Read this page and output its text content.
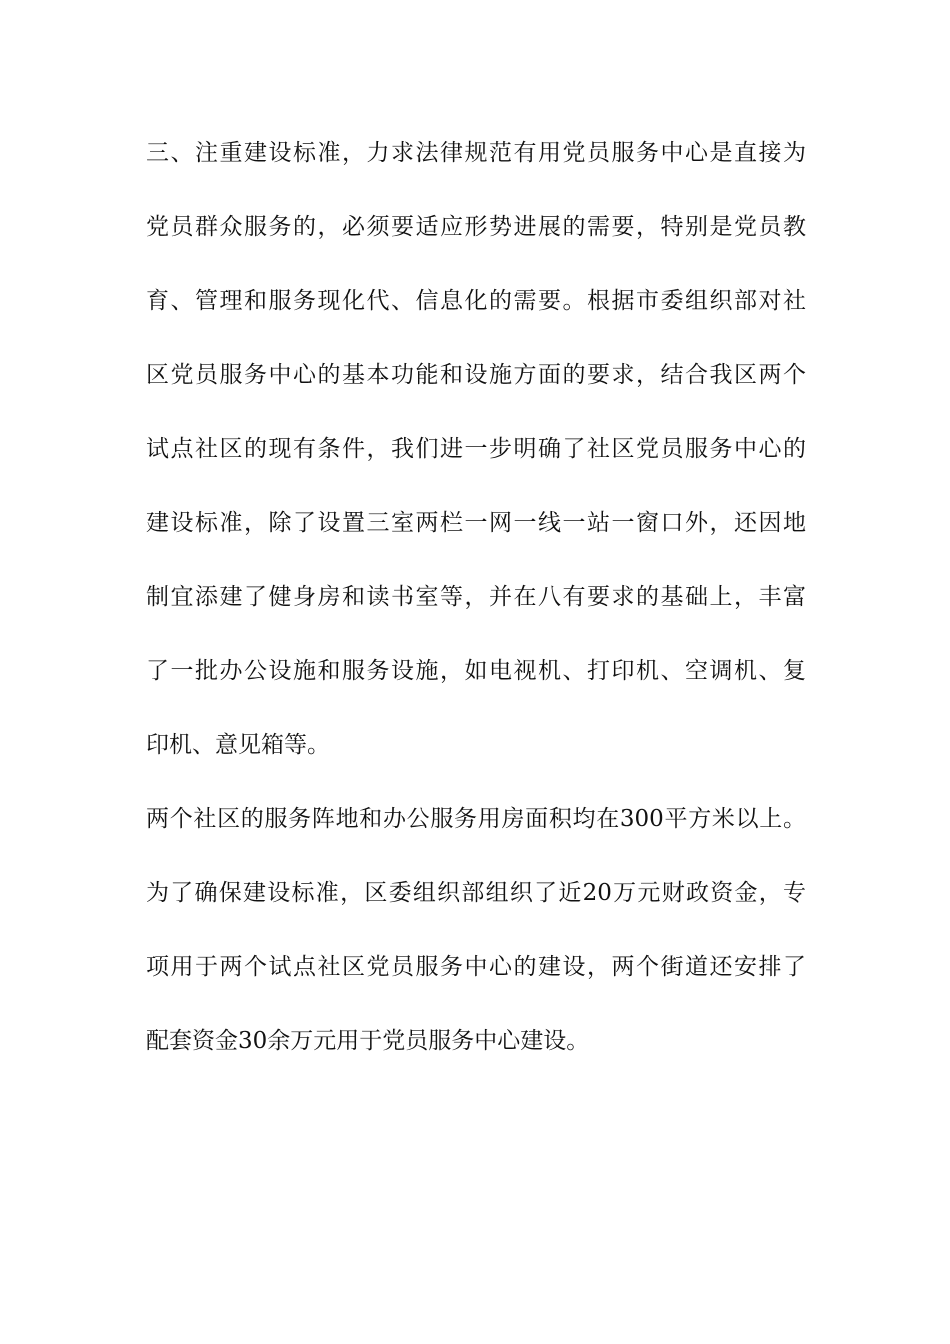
三、注重建设标准，力求法律规范有用党员服务中心是直接为
党员群众服务的，必须要适应形势进展的需要，特别是党员教
育、管理和服务现化代、信息化的需要。根据市委组织部对社
区党员服务中心的基本功能和设施方面的要求，结合我区两个
试点社区的现有条件，我们进一步明确了社区党员服务中心的
建设标准，除了设置三室两栏一网一线一站一窗口外，还因地
制宜添建了健身房和读书室等，并在八有要求的基础上，丰富
了一批办公设施和服务设施，如电视机、打印机、空调机、复
印机、意见箱等。
两个社区的服务阵地和办公服务用房面积均在300平方米以上。
为了确保建设标准，区委组织部组织了近20万元财政资金，专
项用于两个试点社区党员服务中心的建设，两个街道还安排了
配套资金30余万元用于党员服务中心建设。
